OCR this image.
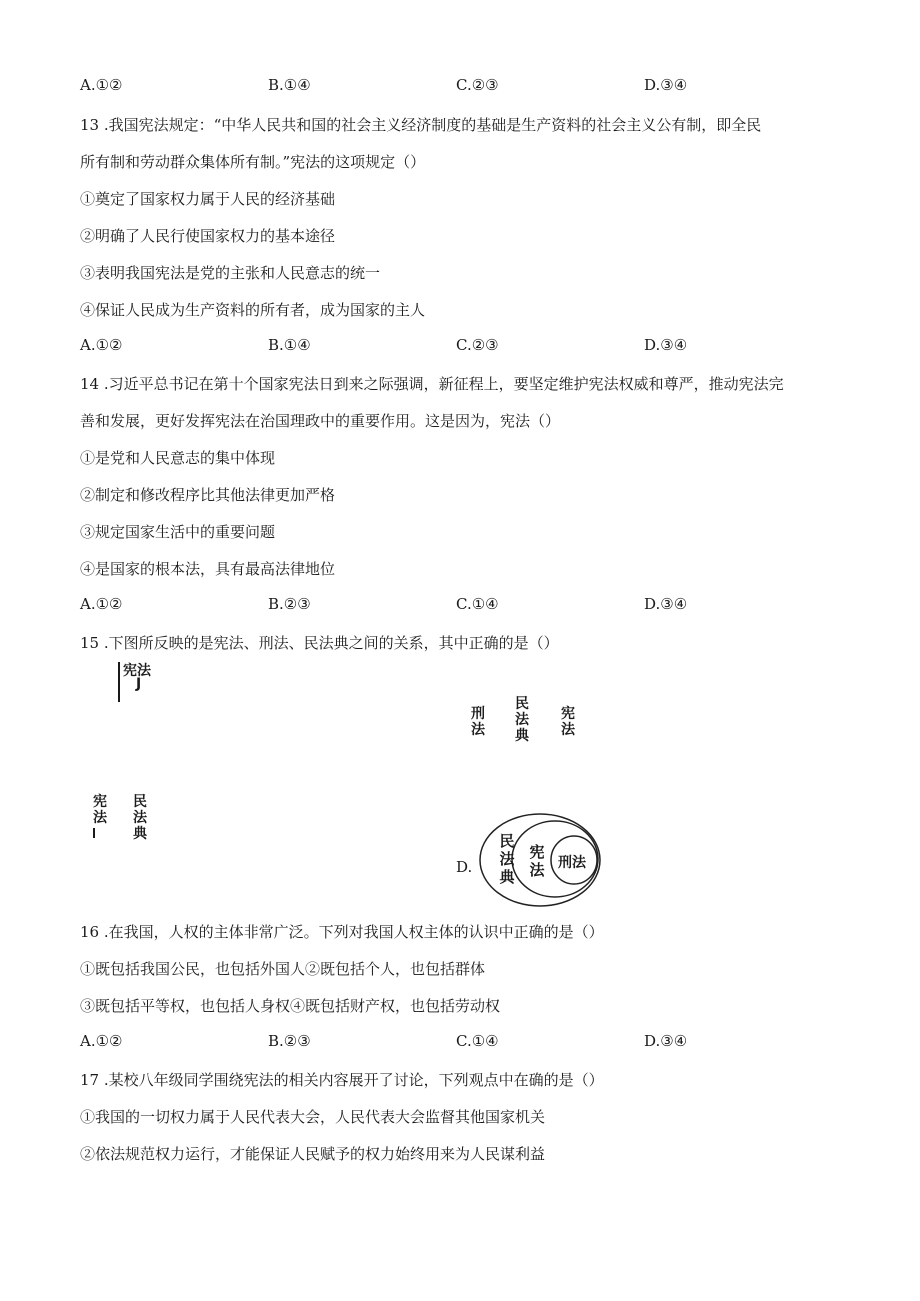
A.①②	B.①④	C.②③	D.③④
13 .我国宪法规定：“中华人民共和国的社会主义经济制度的基础是生产资料的社会主义公有制，即全民
所有制和劳动群众集体所有制。”宪法的这项规定（）
①奠定了国家权力属于人民的经济基础
②明确了人民行使国家权力的基本途径
③表明我国宪法是党的主张和人民意志的统一
④保证人民成为生产资料的所有者，成为国家的主人
A.①②	B.①④	C.②③	D.③④
14 .习近平总书记在第十个国家宪法日到来之际强调，新征程上，要坚定维护宪法权威和尊严，推动宪法完
善和发展，更好发挥宪法在治国理政中的重要作用。这是因为，宪法（）
①是党和人民意志的集中体现
②制定和修改程序比其他法律更加严格
③规定国家生活中的重要问题
④是国家的根本法，具有最高法律地位
A.①②	B.②③	C.①④	D.③④
15 .下图所反映的是宪法、刑法、民法典之间的关系，其中正确的是（）
宪法
J
刑法
民法典
宪法
宪法
民法典
D.
民法典
宪法 刑法
16 .在我国，人权的主体非常广泛。下列对我国人权主体的认识中正确的是（）
①既包括我国公民，也包括外国人②既包括个人，也包括群体
③既包括平等权，也包括人身权④既包括财产权，也包括劳动权
A.①②	B.②③	C.①④	D.③④
17 .某校八年级同学围绕宪法的相关内容展开了讨论，下列观点中在确的是（）
①我国的一切权力属于人民代表大会，人民代表大会监督其他国家机关
②依法规范权力运行，才能保证人民赋予的权力始终用来为人民谋利益
